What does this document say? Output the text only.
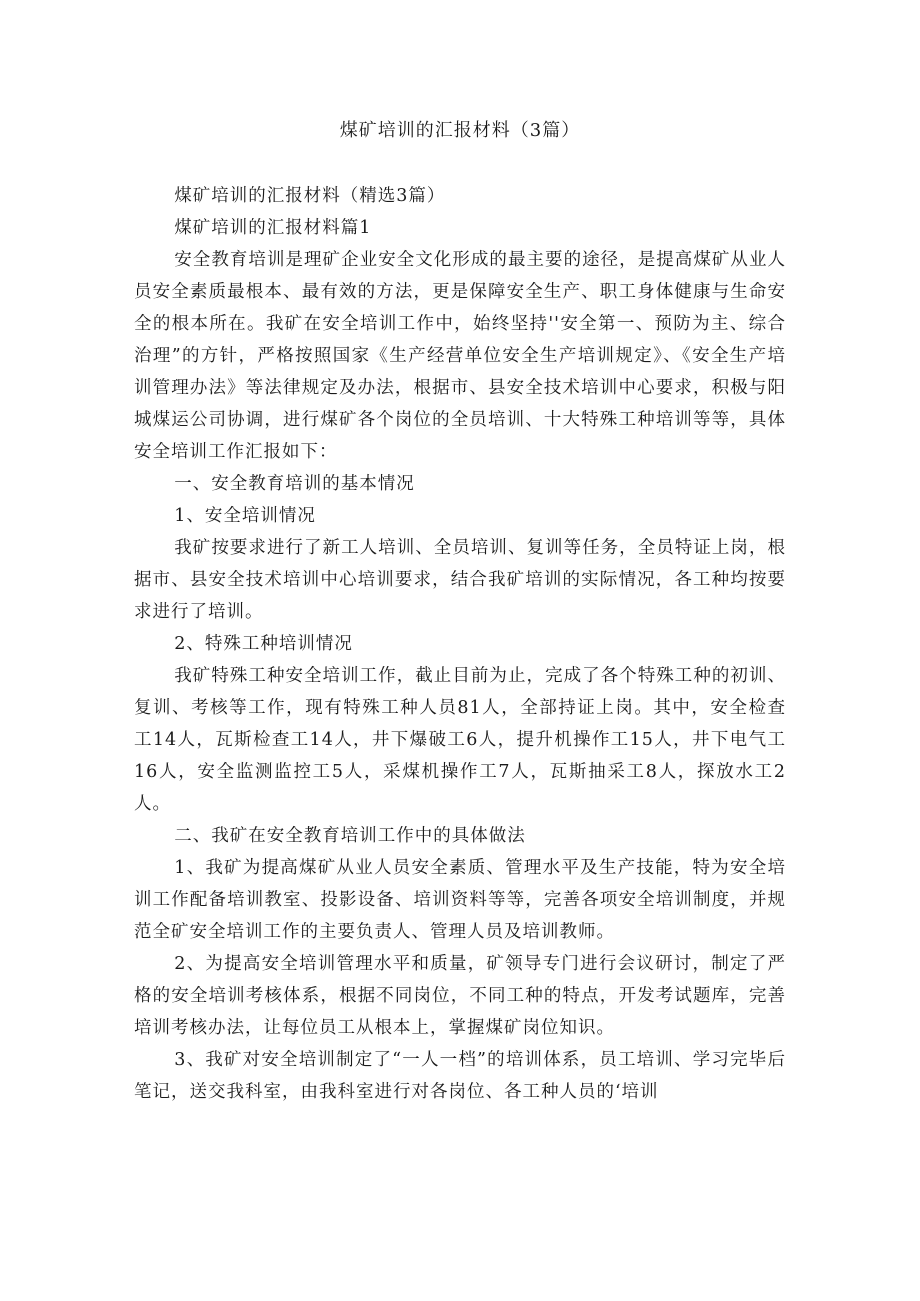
煤矿培训的汇报材料（3篇）

煤矿培训的汇报材料（精选3篇）

煤矿培训的汇报材料篇1

安全教育培训是理矿企业安全文化形成的最主要的途径，是提高煤矿从业人员安全素质最根本、最有效的方法，更是保障安全生产、职工身体健康与生命安全的根本所在。我矿在安全培训工作中，始终坚持''安全第一、预防为主、综合治理”的方针，严格按照国家《生产经营单位安全生产培训规定》、《安全生产培训管理办法》等法律规定及办法，根据市、县安全技术培训中心要求，积极与阳城煤运公司协调，进行煤矿各个岗位的全员培训、十大特殊工种培训等等，具体安全培训工作汇报如下：

一、安全教育培训的基本情况

1、安全培训情况

我矿按要求进行了新工人培训、全员培训、复训等任务，全员特证上岗，根据市、县安全技术培训中心培训要求，结合我矿培训的实际情况，各工种均按要求进行了培训。

2、特殊工种培训情况

我矿特殊工种安全培训工作，截止目前为止，完成了各个特殊工种的初训、复训、考核等工作，现有特殊工种人员81人，全部持证上岗。其中，安全检查工14人，瓦斯检查工14人，井下爆破工6人，提升机操作工15人，井下电气工16人，安全监测监控工5人，采煤机操作工7人，瓦斯抽采工8人，探放水工2人。

二、我矿在安全教育培训工作中的具体做法

1、我矿为提高煤矿从业人员安全素质、管理水平及生产技能，特为安全培训工作配备培训教室、投影设备、培训资料等等，完善各项安全培训制度，并规范全矿安全培训工作的主要负责人、管理人员及培训教师。

2、为提高安全培训管理水平和质量，矿领导专门进行会议研讨，制定了严格的安全培训考核体系，根据不同岗位，不同工种的特点，开发考试题库，完善培训考核办法，让每位员工从根本上，掌握煤矿岗位知识。

3、我矿对安全培训制定了“一人一档”的培训体系，员工培训、学习完毕后笔记，送交我科室，由我科室进行对各岗位、各工种人员的‘培训
